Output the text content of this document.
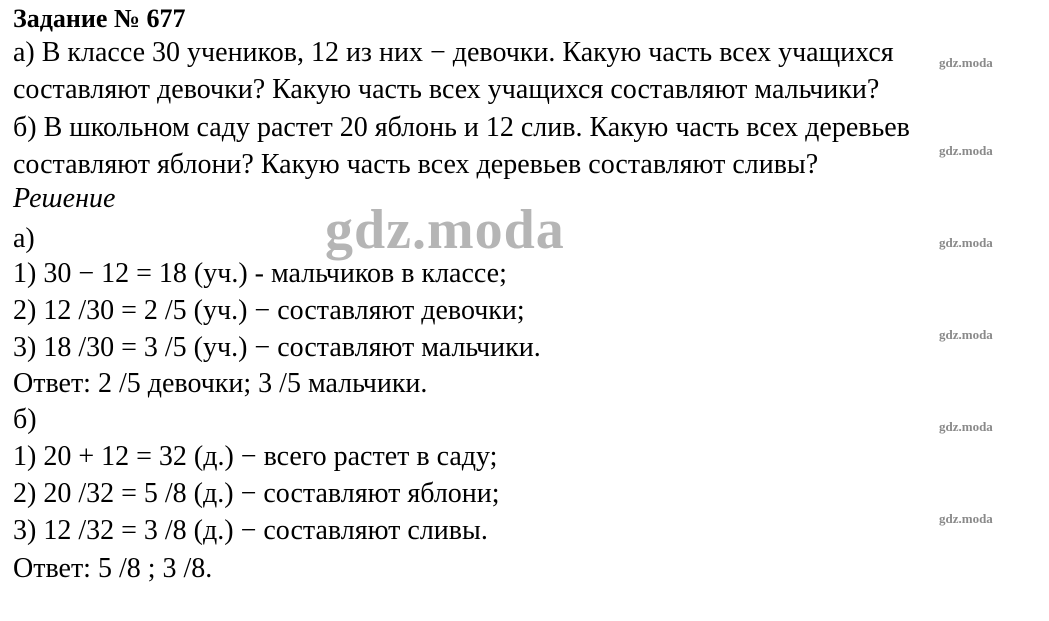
Задание № 677
а) В классе 30 учеников, 12 из них − девочки. Какую часть всех учащихся
составляют девочки? Какую часть всех учащихся составляют мальчики?
б) В школьном саду растет 20 яблонь и 12 слив. Какую часть всех деревьев
составляют яблони? Какую часть всех деревьев составляют сливы?
Решение
а)
1) 30 − 12 = 18 (уч.) - мальчиков в классе;
2) 12 /30 = 2 /5 (уч.) − составляют девочки;
3) 18 /30 = 3 /5 (уч.) − составляют мальчики.
Ответ: 2 /5 девочки; 3 /5 мальчики.
б)
1) 20 + 12 = 32 (д.) − всего растет в саду;
2) 20 /32 = 5 /8 (д.) − составляют яблони;
3) 12 /32 = 3 /8 (д.) − составляют сливы.
Ответ: 5 /8 ; 3 /8.
gdz.moda
gdz.moda
gdz.moda
gdz.moda
gdz.moda
gdz.moda
gdz.moda
